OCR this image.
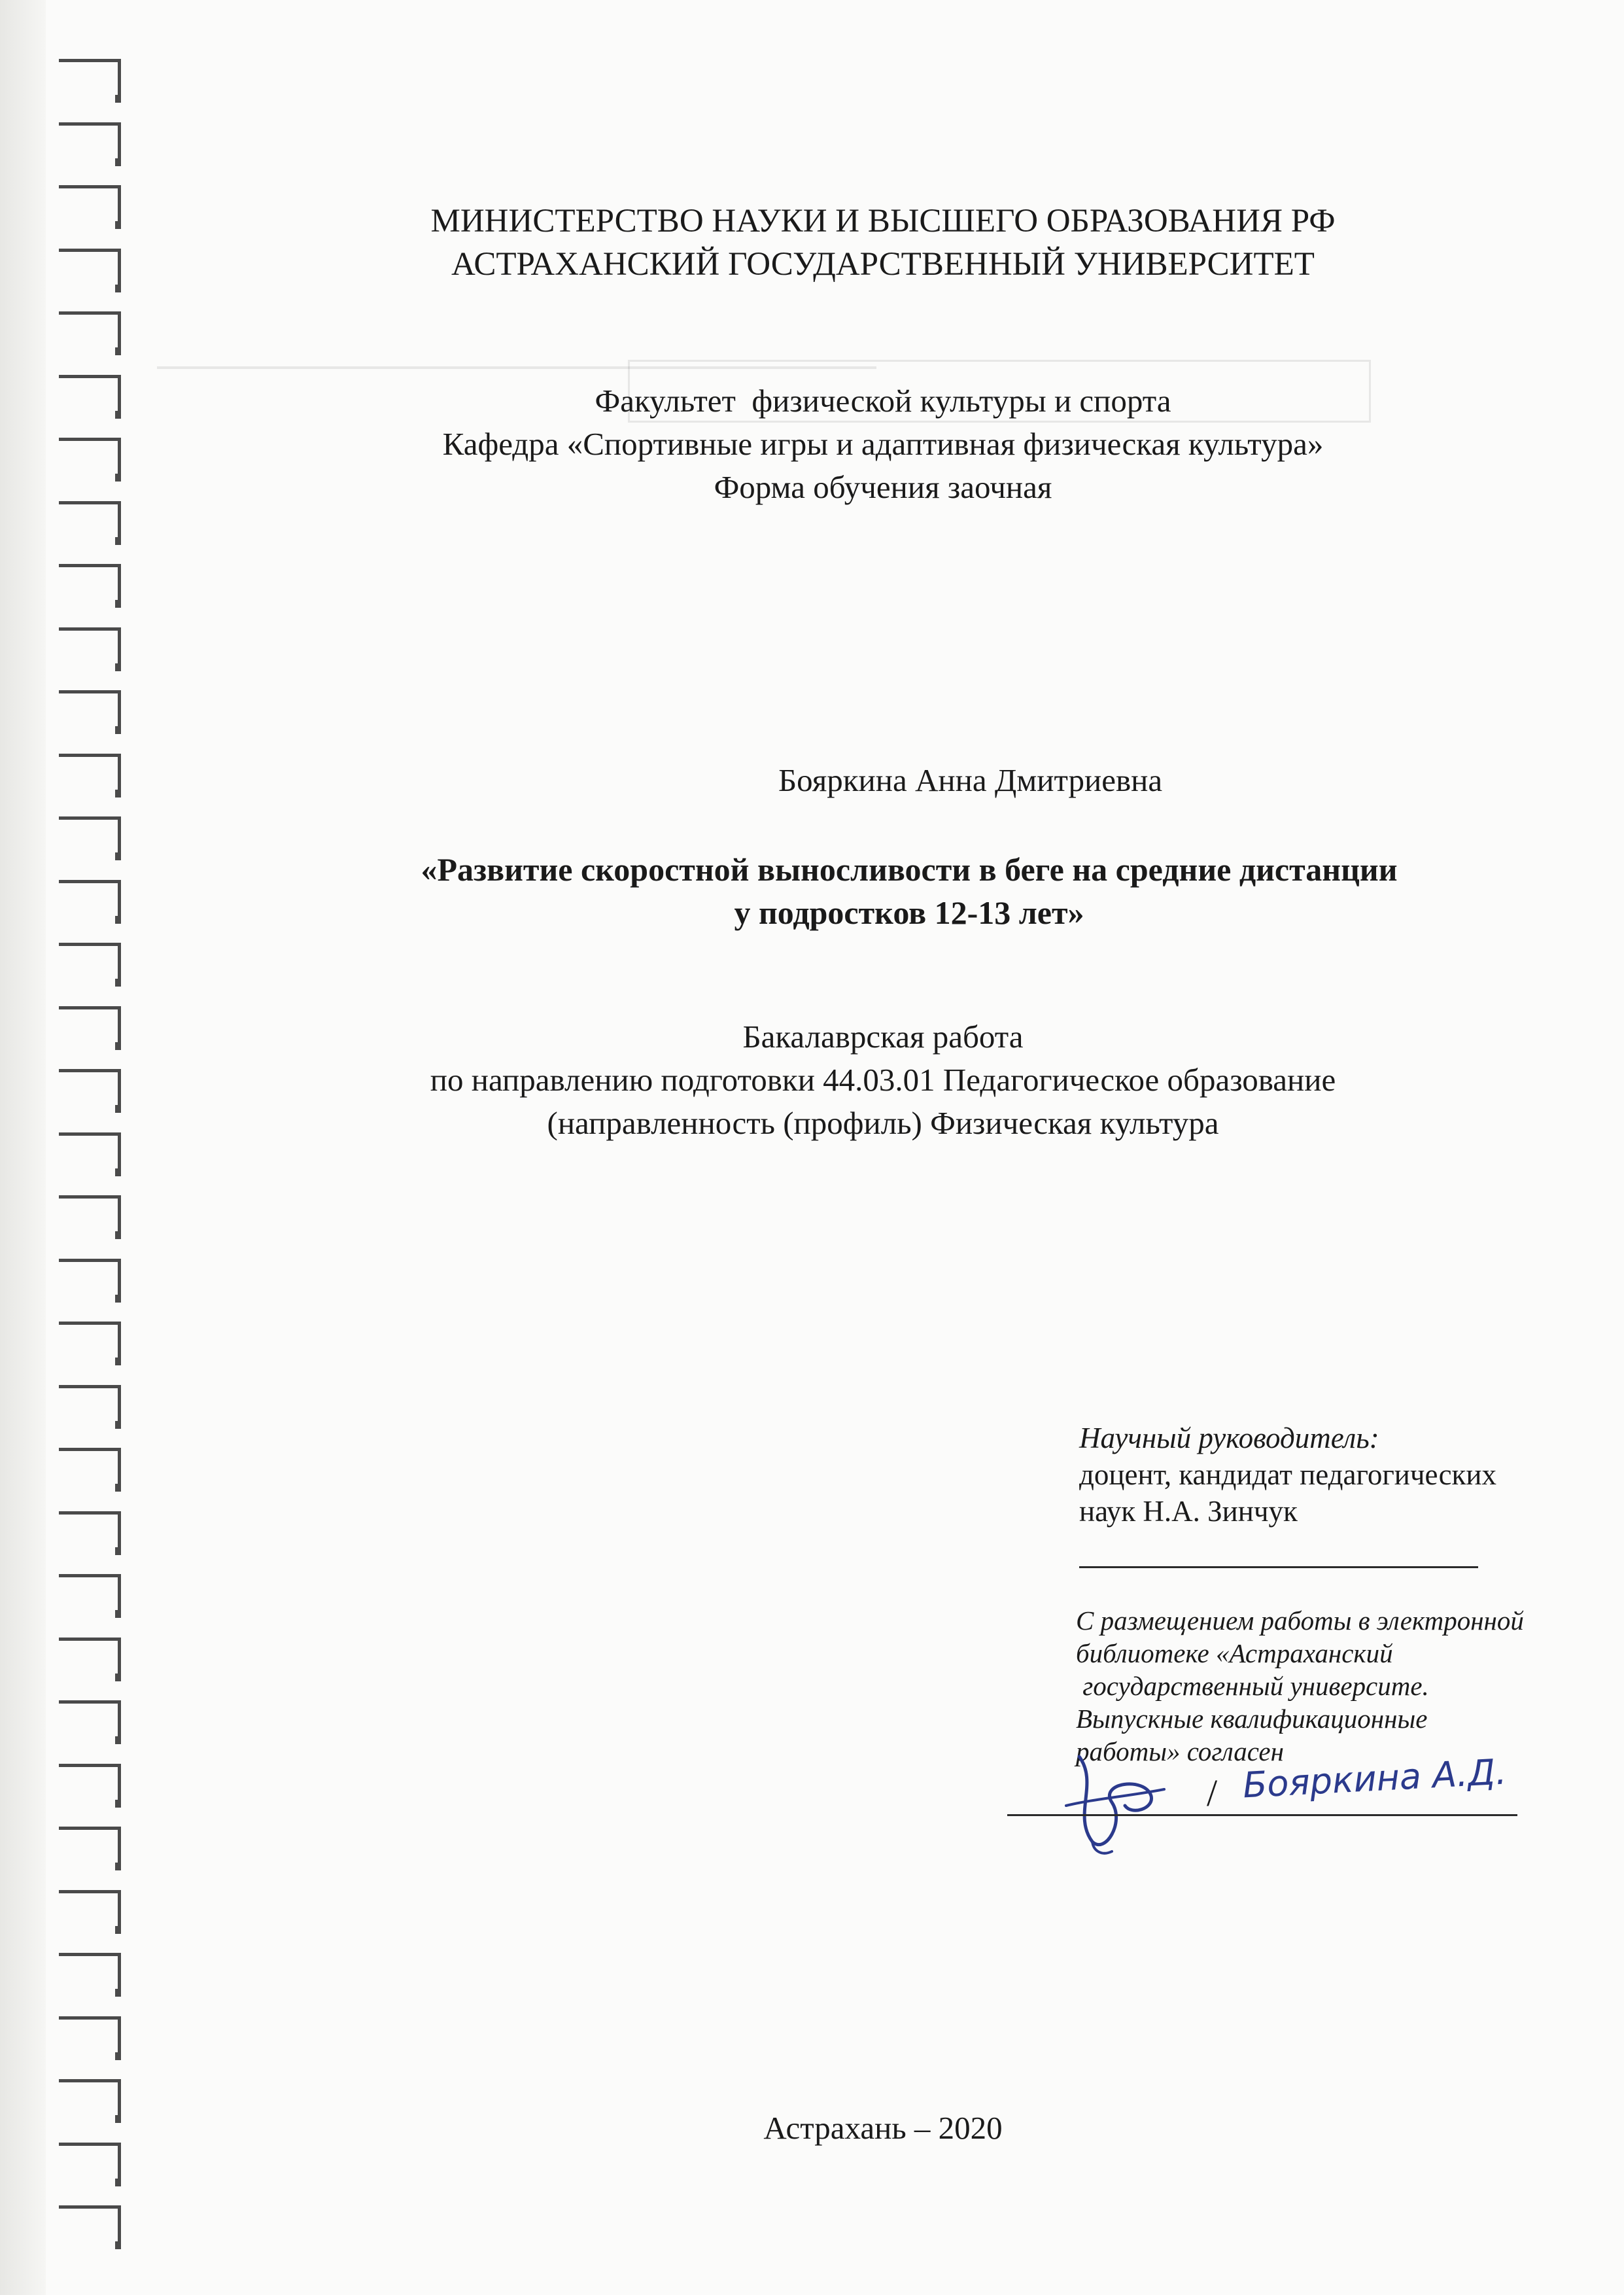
МИНИСТЕРСТВО НАУКИ И ВЫСШЕГО ОБРАЗОВАНИЯ РФ
АСТРАХАНСКИЙ ГОСУДАРСТВЕННЫЙ УНИВЕРСИТЕТ
Факультет  физической культуры и спорта
Кафедра «Спортивные игры и адаптивная физическая культура»
Форма обучения заочная
Бояркина Анна Дмитриевна
«Развитие скоростной выносливости в беге на средние дистанции
у подростков 12-13 лет»
Бакалаврская работа
по направлению подготовки 44.03.01 Педагогическое образование
(направленность (профиль) Физическая культура
Научный руководитель:
доцент, кандидат педагогических
наук Н.А. Зинчук
С размещением работы в электронной
библиотеке «Астраханский
государственный университе.
Выпускные квалификационные
работы» согласен
/ Бояркина А.Д.
Астрахань – 2020
